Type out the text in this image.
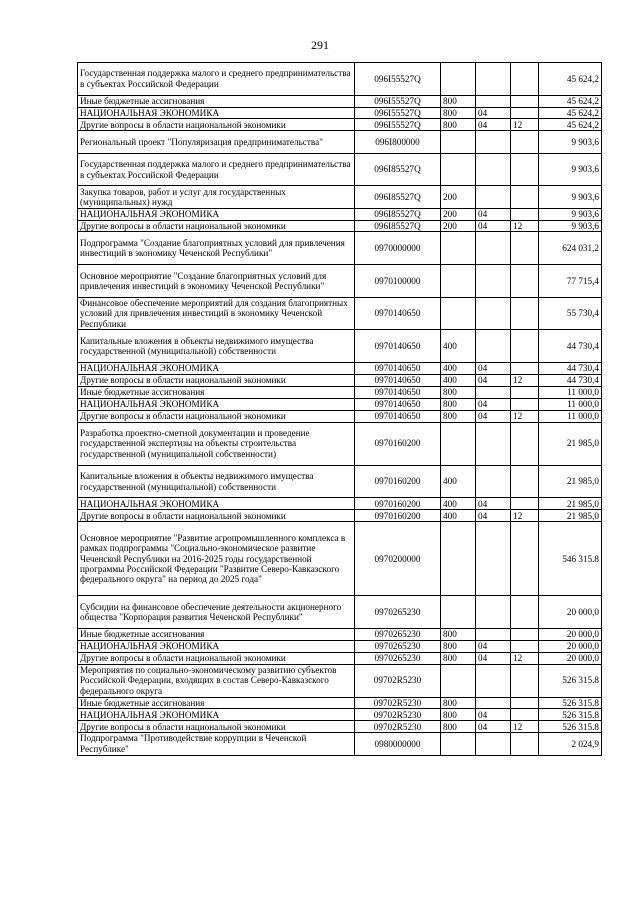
291
Государственная поддержка малого и среднего предпринимательства в субъектах Российской Федерации	096I55527Q				45 624,2
Иные бюджетные ассигнования	096I55527Q	800			45 624,2
НАЦИОНАЛЬНАЯ ЭКОНОМИКА	096I55527Q	800	04		45 624,2
Другие вопросы в области национальной экономики	096I55527Q	800	04	12	45 624,2
Региональный проект "Популяризация предпринимательства"	096I800000				9 903,6
Государственная поддержка малого и среднего предпринимательства в субъектах Российской Федерации	096I85527Q				9 903,6
Закупка товаров, работ и услуг для государственных (муниципальных) нужд	096I85527Q	200			9 903,6
НАЦИОНАЛЬНАЯ ЭКОНОМИКА	096I85527Q	200	04		9 903,6
Другие вопросы в области национальной экономики	096I85527Q	200	04	12	9 903,6
Подпрограмма "Создание благоприятных условий для привлечения инвестиций в экономику Чеченской Республики"	0970000000				624 031,2
Основное мероприятие "Создание благоприятных условий для привлечения инвестиций в экономику Чеченской Республики"	0970100000				77 715,4
Финансовое обеспечение мероприятий для создания благоприятных условий для привлечения инвестиций в экономику Чеченской Республики	0970140650				55 730,4
Капитальные вложения в объекты недвижимого имущества государственной (муниципальной) собственности	0970140650	400			44 730,4
НАЦИОНАЛЬНАЯ ЭКОНОМИКА	0970140650	400	04		44 730,4
Другие вопросы в области национальной экономики	0970140650	400	04	12	44 730,4
Иные бюджетные ассигнования	0970140650	800			11 000,0
НАЦИОНАЛЬНАЯ ЭКОНОМИКА	0970140650	800	04		11 000,0
Другие вопросы в области национальной экономики	0970140650	800	04	12	11 000,0
Разработка проектно-сметной документации и проведение государственной экспертизы на объекты строительства государственной (муниципальной собственности)	0970160200				21 985,0
Капитальные вложения в объекты недвижимого имущества государственной (муниципальной) собственности	0970160200	400			21 985,0
НАЦИОНАЛЬНАЯ ЭКОНОМИКА	0970160200	400	04		21 985,0
Другие вопросы в области национальной экономики	0970160200	400	04	12	21 985,0
Основное мероприятие "Развитие агропромышленного комплекса в рамках подпрограммы "Социально-экономическое развитие Чеченской Республики на 2016-2025 годы государственной программы Российской Федерации "Развитие Северо-Кавказского федерального округа" на период до 2025 года"	0970200000				546 315.8
Субсидии на финансовое обеспечение деятельности акционерного общества "Корпорация развития Чеченской Республики"	0970265230				20 000,0
Иные бюджетные ассигнования	0970265230	800			20 000,0
НАЦИОНАЛЬНАЯ ЭКОНОМИКА	0970265230	800	04		20 000,0
Другие вопросы в области национальной экономики	0970265230	800	04	12	20 000,0
Мероприятия по социально-экономическому развитию субъектов Российской Федерации, входящих в состав Северо-Кавказского федерального округа	09702R5230				526 315.8
Иные бюджетные ассигнования	09702R5230	800			526 315.8
НАЦИОНАЛЬНАЯ ЭКОНОМИКА	09702R5230	800	04		526 315.8
Другие вопросы в области национальной экономики	09702R5230	800	04	12	526 315.8
Подпрограмма "Противодействие коррупции в Чеченской Республике"	0980000000				2 024,9
